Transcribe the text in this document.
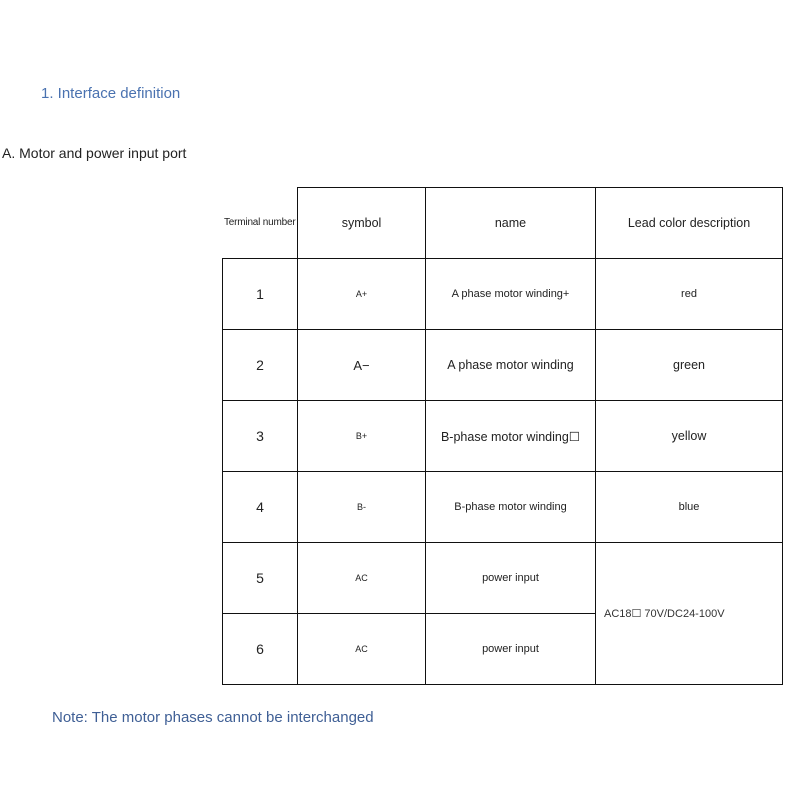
1. Interface definition
A. Motor and power input port
Terminal number	symbol	name	Lead color description
1	A+	A phase motor winding+	red
2	A−	A phase motor winding	green
3	B+	B-phase motor winding☐	yellow
4	B-	B-phase motor winding	blue
5	AC	power input	AC18☐ 70V/DC24-100V
6	AC	power input	
Note: The motor phases cannot be interchanged
